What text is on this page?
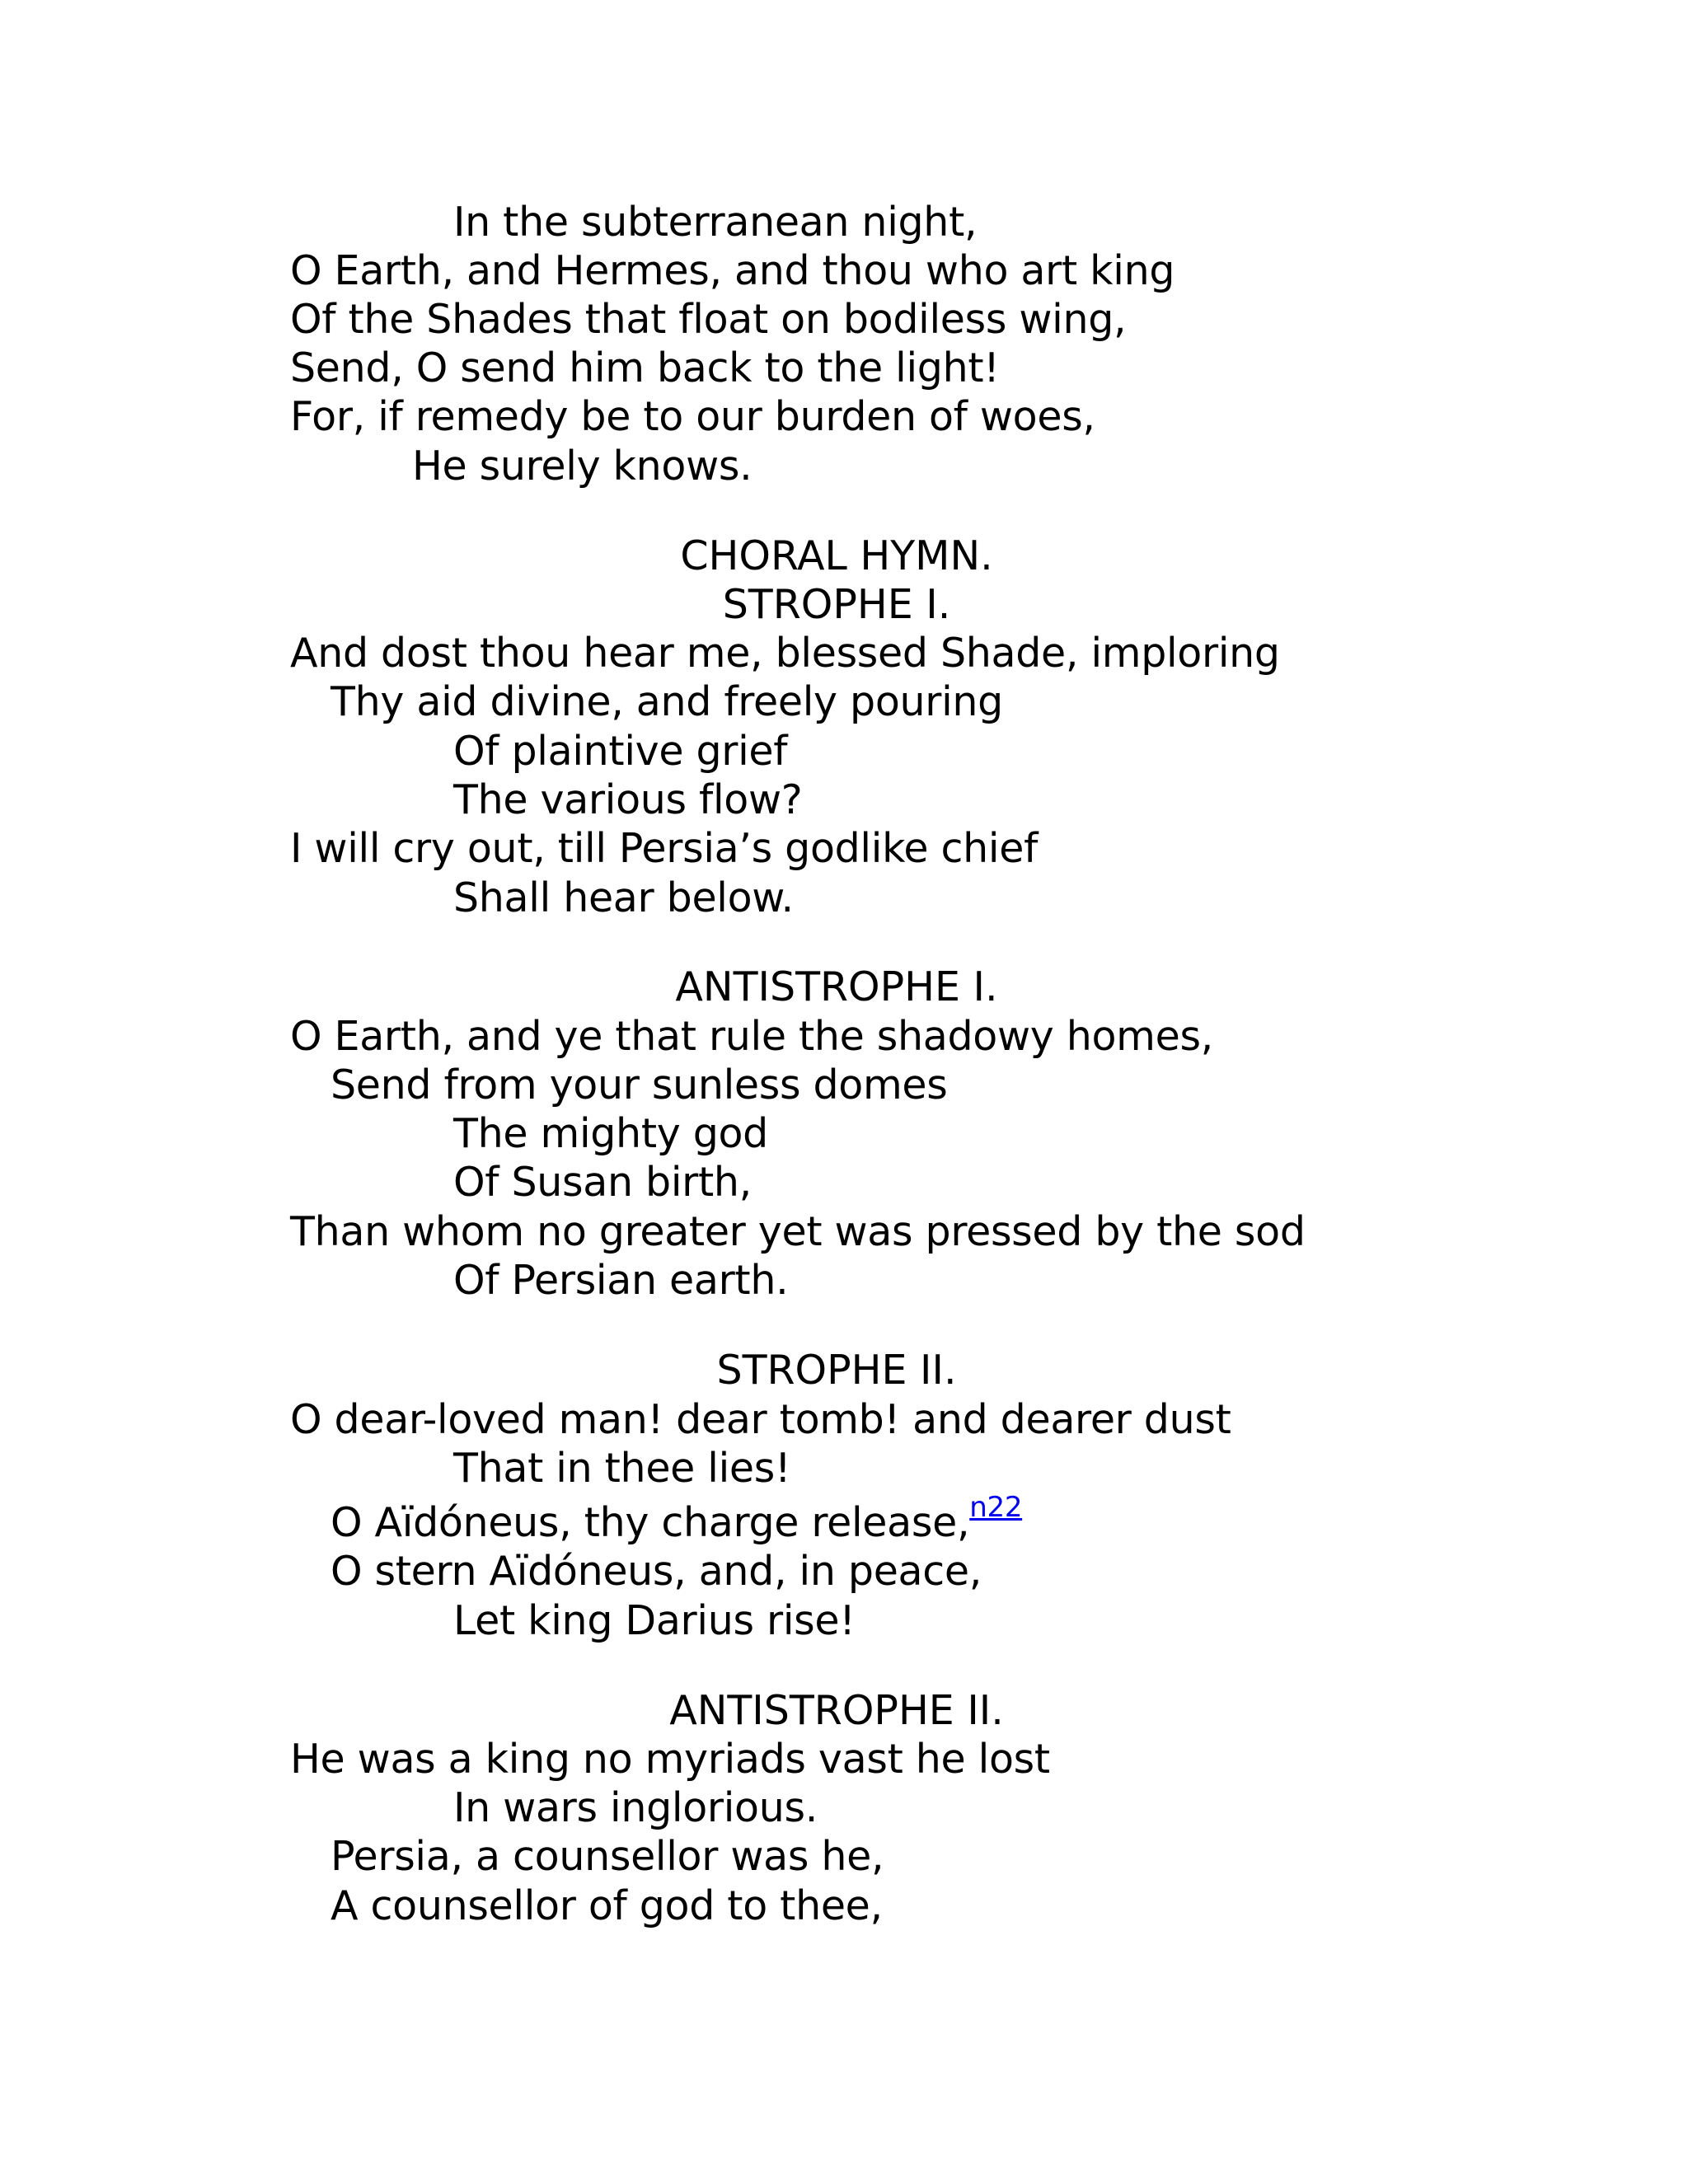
In the subterranean night,
O Earth, and Hermes, and thou who art king
Of the Shades that float on bodiless wing,
Send, O send him back to the light!
For, if remedy be to our burden of woes,
He surely knows.
CHORAL HYMN.
STROPHE I.
And dost thou hear me, blessed Shade, imploring
Thy aid divine, and freely pouring
Of plaintive grief
The various flow?
I will cry out, till Persia’s godlike chief
Shall hear below.
ANTISTROPHE I.
O Earth, and ye that rule the shadowy homes,
Send from your sunless domes
The mighty god
Of Susan birth,
Than whom no greater yet was pressed by the sod
Of Persian earth.
STROPHE II.
O dear-loved man! dear tomb! and dearer dust
That in thee lies!
O Aïdóneus, thy charge release,$^{n22}$
O stern Aïdóneus, and, in peace,
Let king Darius rise!
ANTISTROPHE II.
He was a king no myriads vast he lost
In wars inglorious.
Persia, a counsellor was he,
A counsellor of god to thee,
